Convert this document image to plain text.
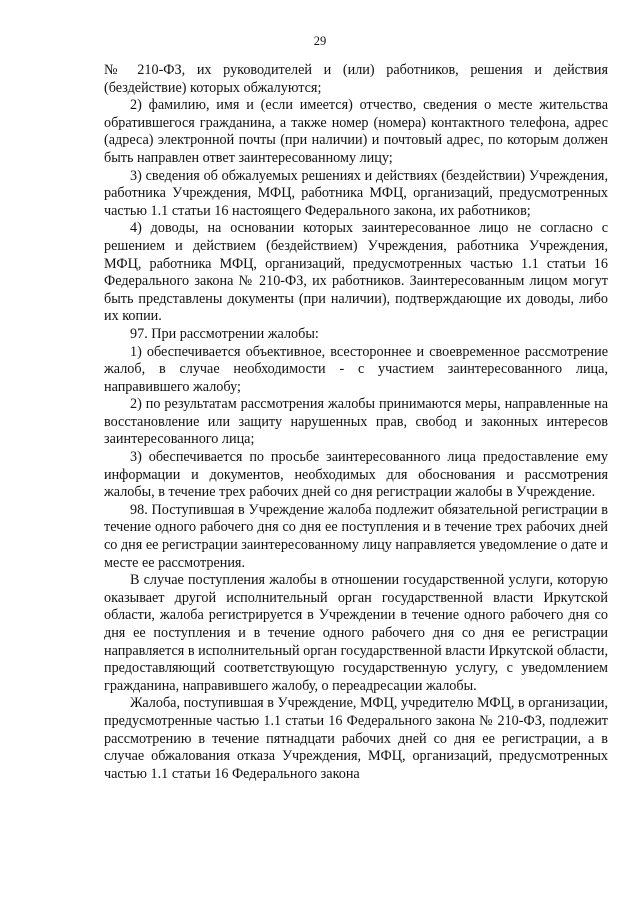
29

№ 210-ФЗ, их руководителей и (или) работников, решения и действия (бездействие) которых обжалуются;

2) фамилию, имя и (если имеется) отчество, сведения о месте жительства обратившегося гражданина, а также номер (номера) контактного телефона, адрес (адреса) электронной почты (при наличии) и почтовый адрес, по которым должен быть направлен ответ заинтересованному лицу;

3) сведения об обжалуемых решениях и действиях (бездействии) Учреждения, работника Учреждения, МФЦ, работника МФЦ, организаций, предусмотренных частью 1.1 статьи 16 настоящего Федерального закона, их работников;

4) доводы, на основании которых заинтересованное лицо не согласно с решением и действием (бездействием) Учреждения, работника Учреждения, МФЦ, работника МФЦ, организаций, предусмотренных частью 1.1 статьи 16 Федерального закона № 210-ФЗ, их работников. Заинтересованным лицом могут быть представлены документы (при наличии), подтверждающие их доводы, либо их копии.

97. При рассмотрении жалобы:

1) обеспечивается объективное, всестороннее и своевременное рассмотрение жалоб, в случае необходимости - с участием заинтересованного лица, направившего жалобу;

2) по результатам рассмотрения жалобы принимаются меры, направленные на восстановление или защиту нарушенных прав, свобод и законных интересов заинтересованного лица;

3) обеспечивается по просьбе заинтересованного лица предоставление ему информации и документов, необходимых для обоснования и рассмотрения жалобы, в течение трех рабочих дней со дня регистрации жалобы в Учреждение.

98. Поступившая в Учреждение жалоба подлежит обязательной регистрации в течение одного рабочего дня со дня ее поступления и в течение трех рабочих дней со дня ее регистрации заинтересованному лицу направляется уведомление о дате и месте ее рассмотрения.

В случае поступления жалобы в отношении государственной услуги, которую оказывает другой исполнительный орган государственной власти Иркутской области, жалоба регистрируется в Учреждении в течение одного рабочего дня со дня ее поступления и в течение одного рабочего дня со дня ее регистрации направляется в исполнительный орган государственной власти Иркутской области, предоставляющий соответствующую государственную услугу, с уведомлением гражданина, направившего жалобу, о переадресации жалобы.

Жалоба, поступившая в Учреждение, МФЦ, учредителю МФЦ, в организации, предусмотренные частью 1.1 статьи 16 Федерального закона № 210-ФЗ, подлежит рассмотрению в течение пятнадцати рабочих дней со дня ее регистрации, а в случае обжалования отказа Учреждения, МФЦ, организаций, предусмотренных частью 1.1 статьи 16 Федерального закона
